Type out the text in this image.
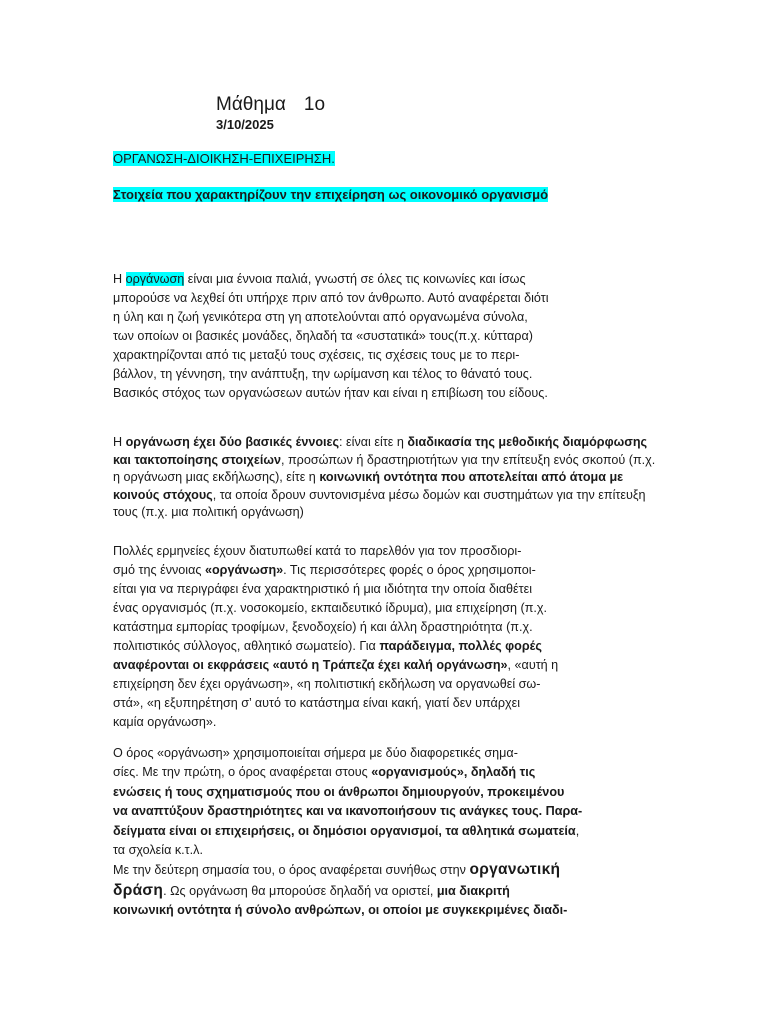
Μάθημα 1ο
3/10/2025
ΟΡΓΑΝΩΣΗ-ΔΙΟΙΚΗΣΗ-ΕΠΙΧΕΙΡΗΣΗ.
Στοιχεία που χαρακτηρίζουν την επιχείρηση ως οικονομικό οργανισμό
Η οργάνωση είναι μια έννοια παλιά, γνωστή σε όλες τις κοινωνίες και ίσως
μπορούσε να λεχθεί ότι υπήρχε πριν από τον άνθρωπο. Αυτό αναφέρεται διότι
η ύλη και η ζωή γενικότερα στη γη αποτελούνται από οργανωμένα σύνολα,
των οποίων οι βασικές μονάδες, δηλαδή τα «συστατικά» τους(π.χ. κύτταρα)
χαρακτηρίζονται από τις μεταξύ τους σχέσεις, τις σχέσεις τους με το περι-
βάλλον, τη γέννηση, την ανάπτυξη, την ωρίμανση και τέλος το θάνατό τους.
Βασικός στόχος των οργανώσεων αυτών ήταν και είναι η επιβίωση του είδους.
Η οργάνωση έχει δύο βασικές έννοιες: είναι είτε η διαδικασία της μεθοδικής διαμόρφωσης
και τακτοποίησης στοιχείων, προσώπων ή δραστηριοτήτων για την επίτευξη ενός σκοπού (π.χ.
η οργάνωση μιας εκδήλωσης), είτε η κοινωνική οντότητα που αποτελείται από άτομα με
κοινούς στόχους, τα οποία δρουν συντονισμένα μέσω δομών και συστημάτων για την επίτευξη
τους (π.χ. μια πολιτική οργάνωση)
Πολλές ερμηνείες έχουν διατυπωθεί κατά το παρελθόν για τον προσδιορι-
σμό της έννοιας «οργάνωση». Τις περισσότερες φορές ο όρος χρησιμοποι-
είται για να περιγράφει ένα χαρακτηριστικό ή μια ιδιότητα την οποία διαθέτει
ένας οργανισμός (π.χ. νοσοκομείο, εκπαιδευτικό ίδρυμα), μια επιχείρηση (π.χ.
κατάστημα εμπορίας τροφίμων, ξενοδοχείο) ή και άλλη δραστηριότητα (π.χ.
πολιτιστικός σύλλογος, αθλητικό σωματείο). Για παράδειγμα, πολλές φορές
αναφέρονται οι εκφράσεις «αυτό η Τράπεζα έχει καλή οργάνωση», «αυτή η
επιχείρηση δεν έχει οργάνωση», «η πολιτιστική εκδήλωση να οργανωθεί σω-
στά», «η εξυπηρέτηση σ’ αυτό το κατάστημα είναι κακή, γιατί δεν υπάρχει
καμία οργάνωση».
Ο όρος «οργάνωση» χρησιμοποιείται σήμερα με δύο διαφορετικές σημα-
σίες. Με την πρώτη, ο όρος αναφέρεται στους «οργανισμούς», δηλαδή τις
ενώσεις ή τους σχηματισμούς που οι άνθρωποι δημιουργούν, προκειμένου
να αναπτύξουν δραστηριότητες και να ικανοποιήσουν τις ανάγκες τους. Παρα-
δείγματα είναι οι επιχειρήσεις, οι δημόσιοι οργανισμοί, τα αθλητικά σωματεία,
τα σχολεία κ.τ.λ.
Με την δεύτερη σημασία του, ο όρος αναφέρεται συνήθως στην οργανωτική
δράση. Ως οργάνωση θα μπορούσε δηλαδή να οριστεί, μια διακριτή
κοινωνική οντότητα ή σύνολο ανθρώπων, οι οποίοι με συγκεκριμένες διαδι-
